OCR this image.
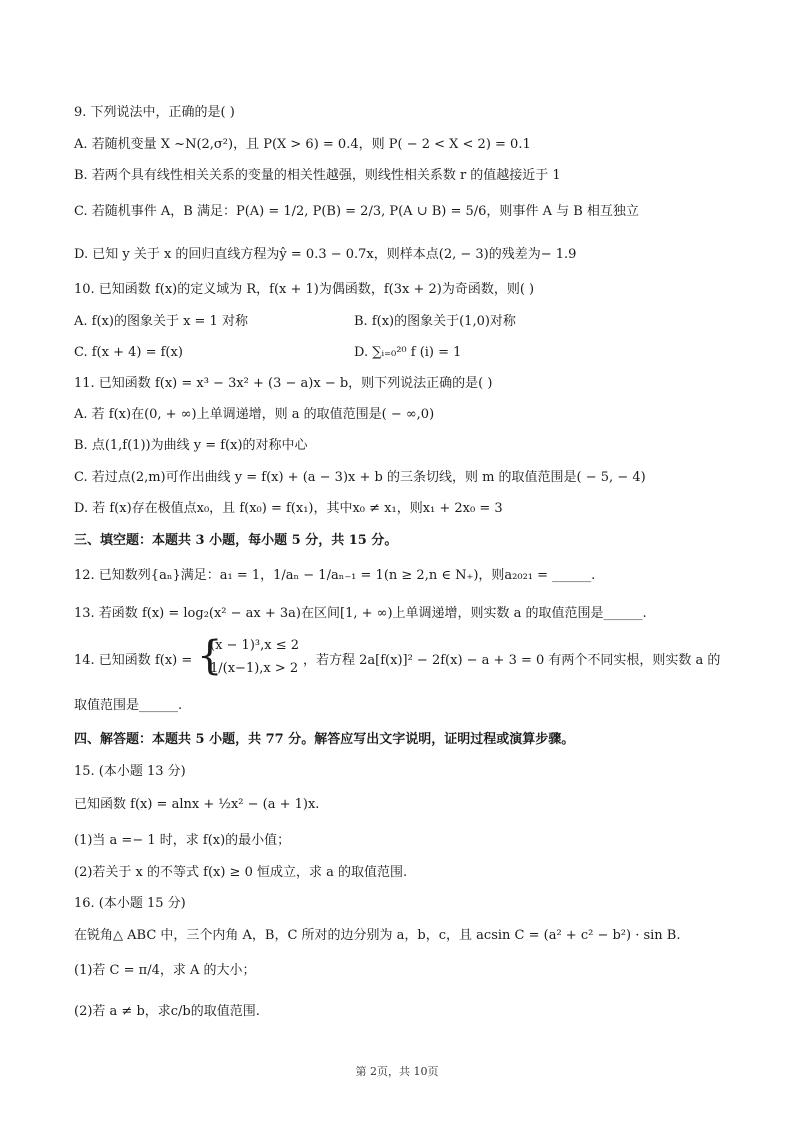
9. 下列说法中，正确的是( )
A. 若随机变量 X ~N(2,σ²)，且 P(X > 6) = 0.4，则 P( − 2 < X < 2) = 0.1
B. 若两个具有线性相关关系的变量的相关性越强，则线性相关系数 r 的值越接近于 1
C. 若随机事件 A，B 满足：P(A) = 1/2, P(B) = 2/3, P(A ∪ B) = 5/6，则事件 A 与 B 相互独立
D. 已知 y 关于 x 的回归直线方程为ŷ = 0.3 − 0.7x，则样本点(2, − 3)的残差为− 1.9
10. 已知函数 f(x)的定义域为 R，f(x + 1)为偶函数，f(3x + 2)为奇函数，则( )
A. f(x)的图象关于 x = 1 对称	B. f(x)的图象关于(1,0)对称
C. f(x + 4) = f(x)	D. ∑ᵢ₌₀²⁰ f (i) = 1
11. 已知函数 f(x) = x³ − 3x² + (3 − a)x − b，则下列说法正确的是( )
A. 若 f(x)在(0, + ∞)上单调递增，则 a 的取值范围是( − ∞,0)
B. 点(1,f(1))为曲线 y = f(x)的对称中心
C. 若过点(2,m)可作出曲线 y = f(x) + (a − 3)x + b 的三条切线，则 m 的取值范围是( − 5, − 4)
D. 若 f(x)存在极值点x₀，且 f(x₀) = f(x₁)，其中x₀ ≠ x₁，则x₁ + 2x₀ = 3
三、填空题：本题共 3 小题，每小题 5 分，共 15 分。
12. 已知数列{aₙ}满足：a₁ = 1，1/aₙ − 1/aₙ₋₁ = 1(n ≥ 2,n ∈ N₊)，则a₂₀₂₁ = ______.
13. 若函数 f(x) = log₂(x² − ax + 3a)在区间[1, + ∞)上单调递增，则实数 a 的取值范围是______.
14. 已知函数 f(x) = {
(x − 1)³,x ≤ 2
1/(x−1),x > 2
，若方程 2a[f(x)]² − 2f(x) − a + 3 = 0 有两个不同实根，则实数 a 的
取值范围是______.
四、解答题：本题共 5 小题，共 77 分。解答应写出文字说明，证明过程或演算步骤。
15. (本小题 13 分)
已知函数 f(x) = alnx + ½x² − (a + 1)x.
(1)当 a =− 1 时，求 f(x)的最小值；
(2)若关于 x 的不等式 f(x) ≥ 0 恒成立，求 a 的取值范围.
16. (本小题 15 分)
在锐角△ ABC 中，三个内角 A，B，C 所对的边分别为 a，b，c，且 acsin C = (a² + c² − b²) · sin B.
(1)若 C = π/4，求 A 的大小；
(2)若 a ≠ b，求c/b的取值范围.
第 2页，共 10页
